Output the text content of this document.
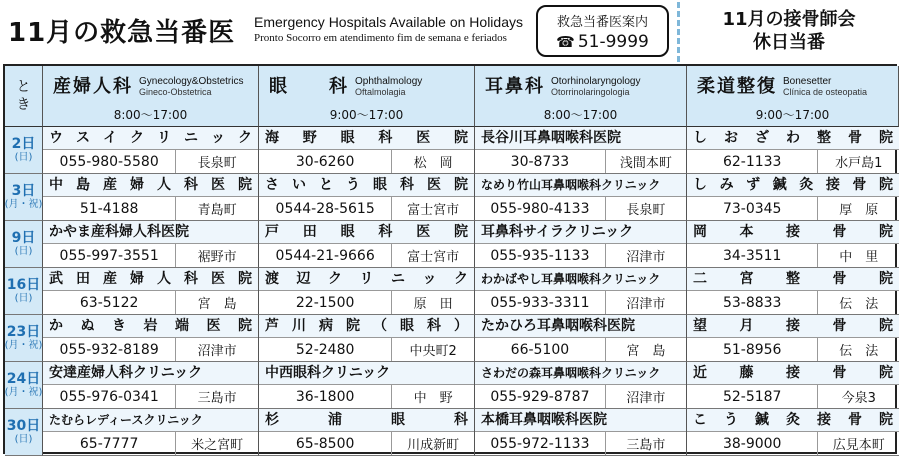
11月の救急当番医 Emergency Hospitals Available on Holidays
Pronto Socorro em atendimento fim de semana e feriados
救急当番医案内
☎ 51-9999
11月の接骨師会
休日当番
と
き
産婦人科 Gynecology&Obstetrics
Gineco-Obstetrica
8:00～17:00
眼　　科 Ophthalmology
Oftalmolagia
9:00～17:00
耳鼻科 Otorhinolaryngology
Otorrinolaringologia
8:00～17:00
柔道整復 Bonesetter
Clínica de osteopatia
9:00～17:00
2日
(日)
ウ ス イ ク リ ニ ッ ク
055-980-5580	長泉町
海 野 眼 科 医 院
30-6260	松　岡
長谷川耳鼻咽喉科医院
30-8733	浅間本町
し お ざ わ 整 骨 院
62-1133	水戸島1
3日
(月・祝)
中 島 産 婦 人 科 医 院
51-4188	青島町
さ い と う 眼 科 医 院
0544-28-5615	富士宮市
なめり竹山耳鼻咽喉科クリニック
055-980-4133	長泉町
し み ず 鍼 灸 接 骨 院
73-0345	厚　原
9日
(日)
かやま産科婦人科医院
055-997-3551	裾野市
戸 田 眼 科 医 院
0544-21-9666	富士宮市
耳鼻科サイラクリニック
055-935-1133	沼津市
岡 本 接 骨 院
34-3511	中　里
16日
(日)
武 田 産 婦 人 科 医 院
63-5122	宮　島
渡 辺 ク リ ニ ッ ク
22-1500	原　田
わかばやし耳鼻咽喉科クリニック
055-933-3311	沼津市
二 宮 整 骨 院
53-8833	伝　法
23日
(月・祝)
か ぬ き 岩 端 医 院
055-932-8189	沼津市
芦 川 病 院 （ 眼 科 ）
52-2480	中央町2
たかひろ耳鼻咽喉科医院
66-5100	宮　島
望 月 接 骨 院
51-8956	伝　法
24日
(月・祝)
安達産婦人科クリニック
055-976-0341	三島市
中西眼科クリニック
36-1800	中　野
さわだの森耳鼻咽喉科クリニック
055-929-8787	沼津市
近 藤 接 骨 院
52-5187	今泉3
30日
(日)
たむらレディースクリニック
65-7777	米之宮町
杉	浦	眼	科
65-8500	川成新町
本橋耳鼻咽喉科医院
055-972-1133	三島市
こ う 鍼 灸 接 骨 院
38-9000	広見本町
